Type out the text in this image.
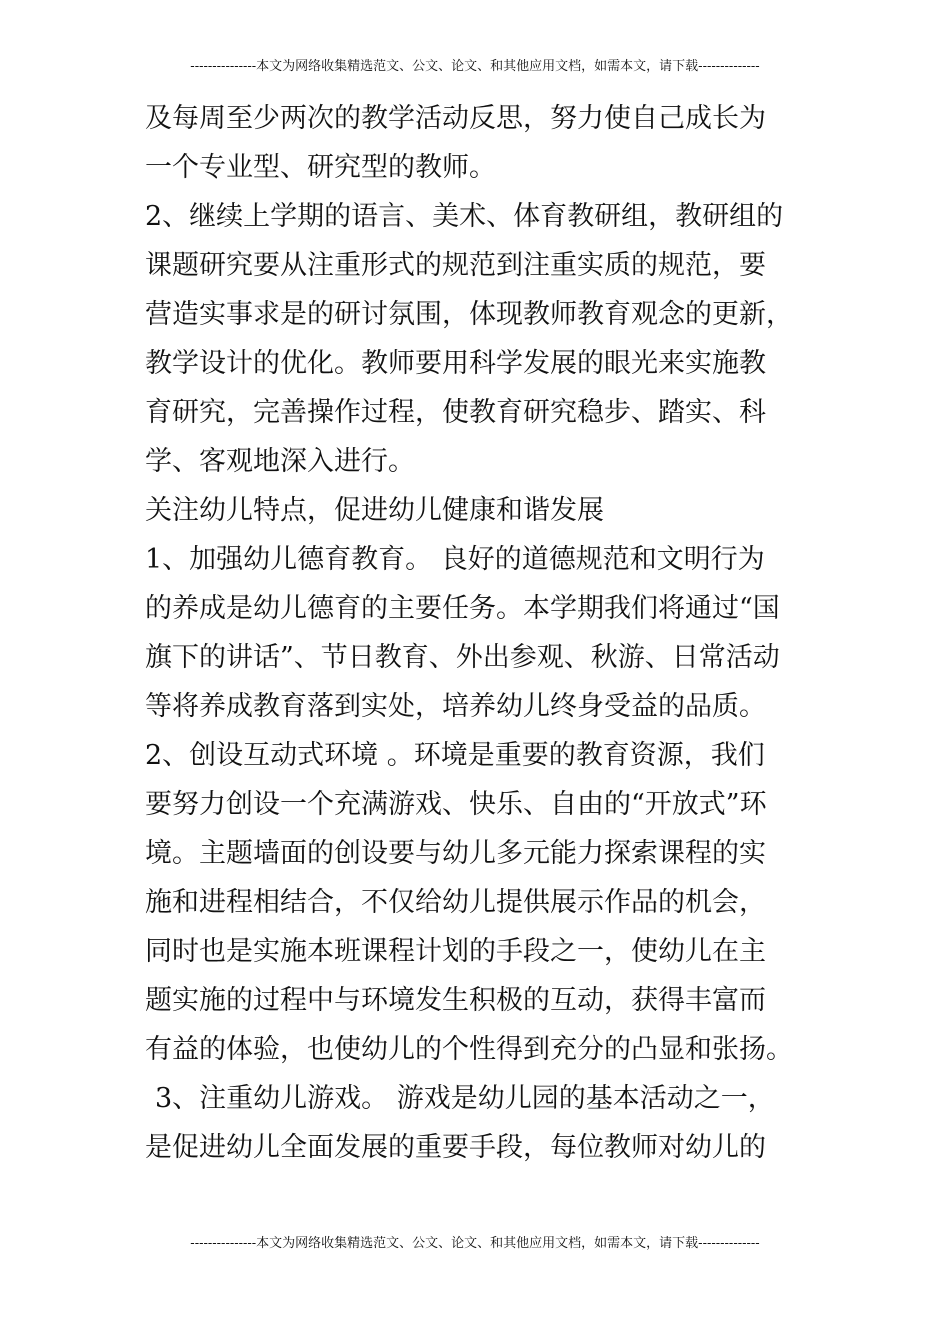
---------------本文为网络收集精选范文、公文、论文、和其他应用文档，如需本文，请下载--------------
及每周至少两次的教学活动反思，努力使自己成长为
一个专业型、研究型的教师。
2、继续上学期的语言、美术、体育教研组，教研组的
课题研究要从注重形式的规范到注重实质的规范，要
营造实事求是的研讨氛围，体现教师教育观念的更新，
教学设计的优化。教师要用科学发展的眼光来实施教
育研究，完善操作过程，使教育研究稳步、踏实、科
学、客观地深入进行。
关注幼儿特点，促进幼儿健康和谐发展
1、加强幼儿德育教育。 良好的道德规范和文明行为
的养成是幼儿德育的主要任务。本学期我们将通过“国
旗下的讲话”、节日教育、外出参观、秋游、日常活动
等将养成教育落到实处，培养幼儿终身受益的品质。
2、创设互动式环境 。环境是重要的教育资源，我们
要努力创设一个充满游戏、快乐、自由的“开放式”环
境。主题墙面的创设要与幼儿多元能力探索课程的实
施和进程相结合，不仅给幼儿提供展示作品的机会，
同时也是实施本班课程计划的手段之一，使幼儿在主
题实施的过程中与环境发生积极的互动，获得丰富而
有益的体验，也使幼儿的个性得到充分的凸显和张扬。
3、注重幼儿游戏。 游戏是幼儿园的基本活动之一，
是促进幼儿全面发展的重要手段，每位教师对幼儿的
---------------本文为网络收集精选范文、公文、论文、和其他应用文档，如需本文，请下载--------------
